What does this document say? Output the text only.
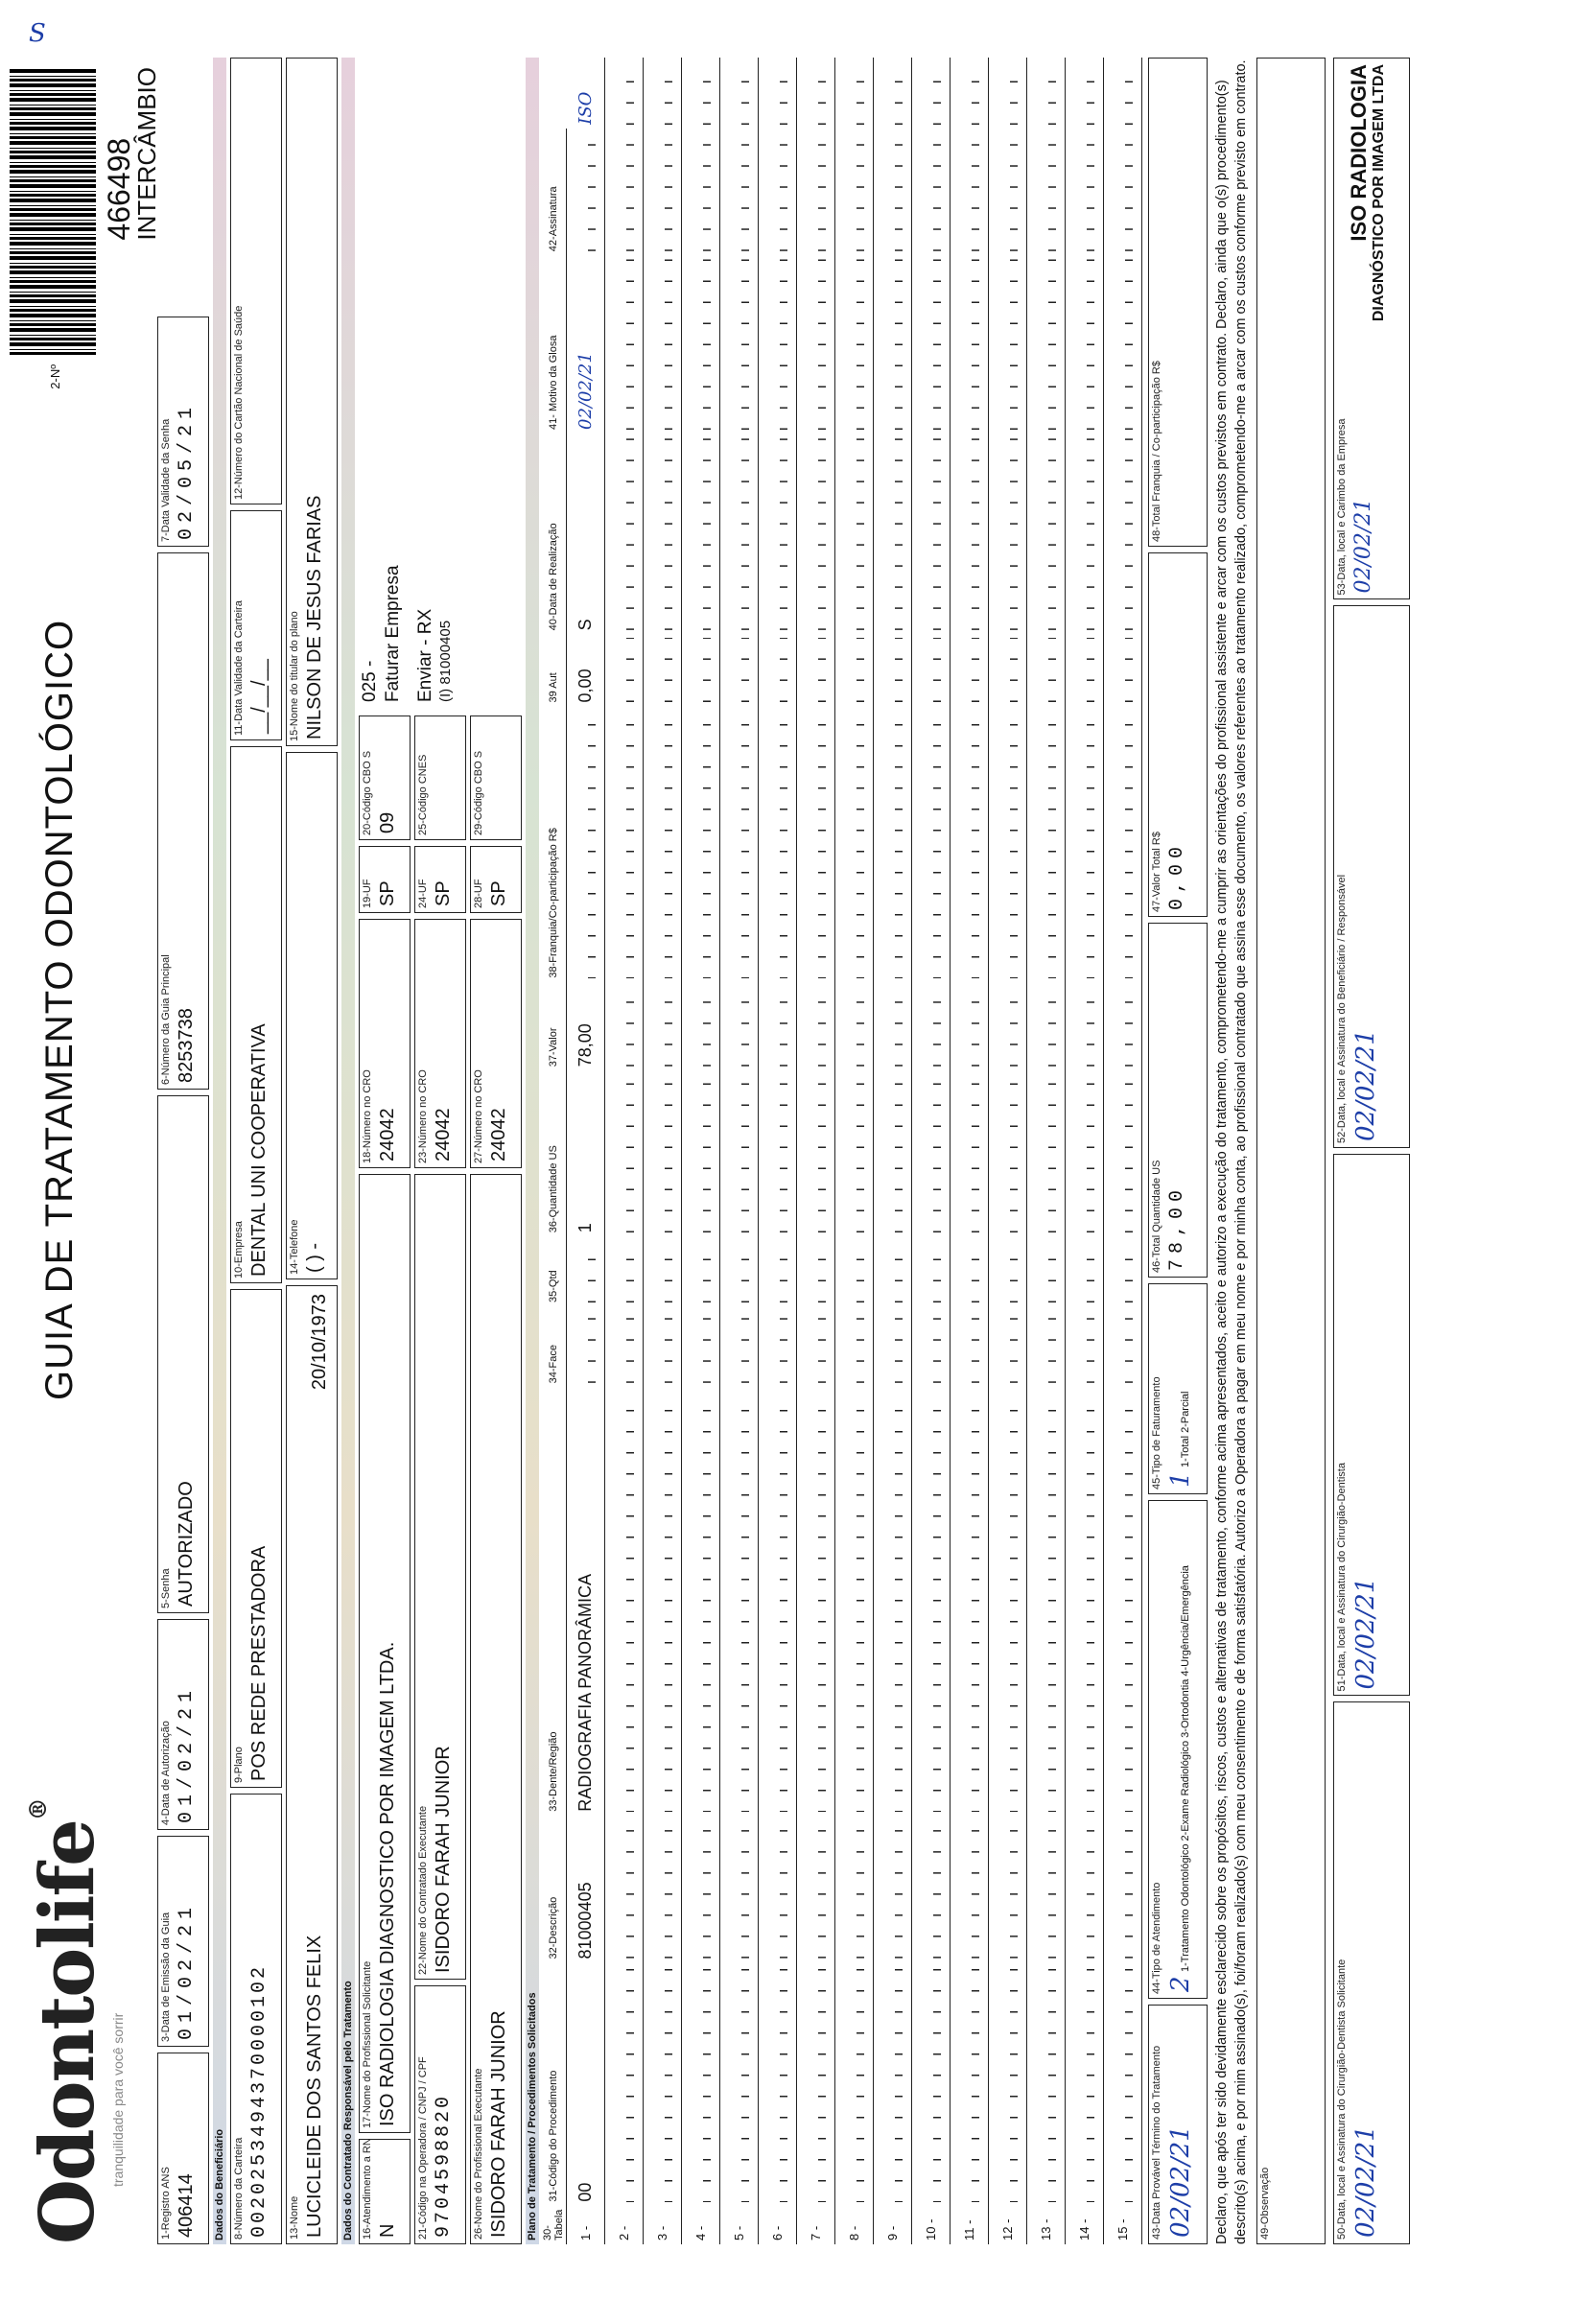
S
Odontolife®
tranquilidade para você sorrir
GUIA DE TRATAMENTO ODONTOLÓGICO
2-Nº
466498
INTERCÂMBIO
1-Registro ANS 406414
3-Data de Emissão da Guia 01/02/21
4-Data de Autorização 01/02/21
5-Senha AUTORIZADO
6-Número da Guia Principal 8253738
7-Data Validade da Senha 02/05/21
Dados do Beneficiário 8-Número da Carteira 0020253494370000102
9-Plano POS REDE PRESTADORA
10-Empresa DENTAL UNI COOPERATIVA
11-Data Validade da Carteira __/__/__
12-Número do Cartão Nacional de Saúde
13-Nome LUCICLEIDE DOS SANTOS FELIX
20/10/1973
14-Telefone ( ) -
15-Nome do titular do plano NILSON DE JESUS FARIAS
Dados do Contratado Responsável pelo Tratamento 16-Atendimento a RN N
17-Nome do Profissional Solicitante ISO RADIOLOGIA DIAGNOSTICO POR IMAGEM LTDA.
18-Número no CRO 24042
19-UF SP
20-Código CBO S 09
025 - Faturar Empresa
21-Código na Operadora / CNPJ / CPF 9704598820
22-Nome do Contratado Executante ISIDORO FARAH JUNIOR
23-Número no CRO 24042
24-UF SP
25-Código CNES
Enviar - RX (I) 81000405
26-Nome do Profissional Executante ISIDORO FARAH JUNIOR
27-Número no CRO 24042
28-UF SP
29-Código CBO S
Plano de Tratamento / Procedimentos Solicitados 30-Tabela	31-Código do Procedimento	32-Descrição	33-Dente/Região	34-Face	35-Qtd	36-Quantidade US	37-Valor	38-Franquia/Co-participação R$	39 Aut	40-Data de Realização	41- Motivo da Glosa	42-Assinatura	
1 -	00	81000405	RADIOGRAFIA PANORÂMICA			1	78,00		0,00	S	02/02/21		ISO
2 -													
3 -													
4 -													
5 -													
6 -													
7 -													
8 -													
9 -													
10 -													
11 -													
12 -													
13 -													
14 -													
15 -													43-Data Provável Término do Tratamento 02/02/21
44-Tipo de Atendimento 2 1-Tratamento Odontológico 2-Exame Radiológico 3-Ortodontia 4-Urgência/Emergência
45-Tipo de Faturamento 1 1-Total 2-Parcial
46-Total Quantidade US 78,00
47-Valor Total R$ 0,00
48-Total Franquia / Co-participação R$	Declaro, que após ter sido devidamente esclarecido sobre os propósitos, riscos, custos e alternativas de tratamento, conforme acima apresentados, aceito e autorizo a execução do tratamento, comprometendo-me a cumprir as orientações do profissional assistente e arcar com os custos previstos em contrato. Declaro, ainda que o(s) procedimento(s) descrito(s) acima, e por mim assinado(s), foi/foram realizado(s) com meu consentimento e de forma satisfatória. Autorizo a Operadora a pagar em meu nome e por minha conta, ao profissional contratado que assina esse documento, os valores referentes ao tratamento realizado, comprometendo-me a arcar com os custos conforme previsto em contrato. 49-Observação	50-Data, local e Assinatura do Cirurgião-Dentista Solicitante 02/02/21
51-Data, local e Assinatura do Cirurgião-Dentista 02/02/21
52-Data, local e Assinatura do Beneficiário / Responsável 02/02/21
53-Data, local e Carimbo da Empresa 02/02/21
ISO RADIOLOGIA DIAGNÓSTICO POR IMAGEM LTDA
